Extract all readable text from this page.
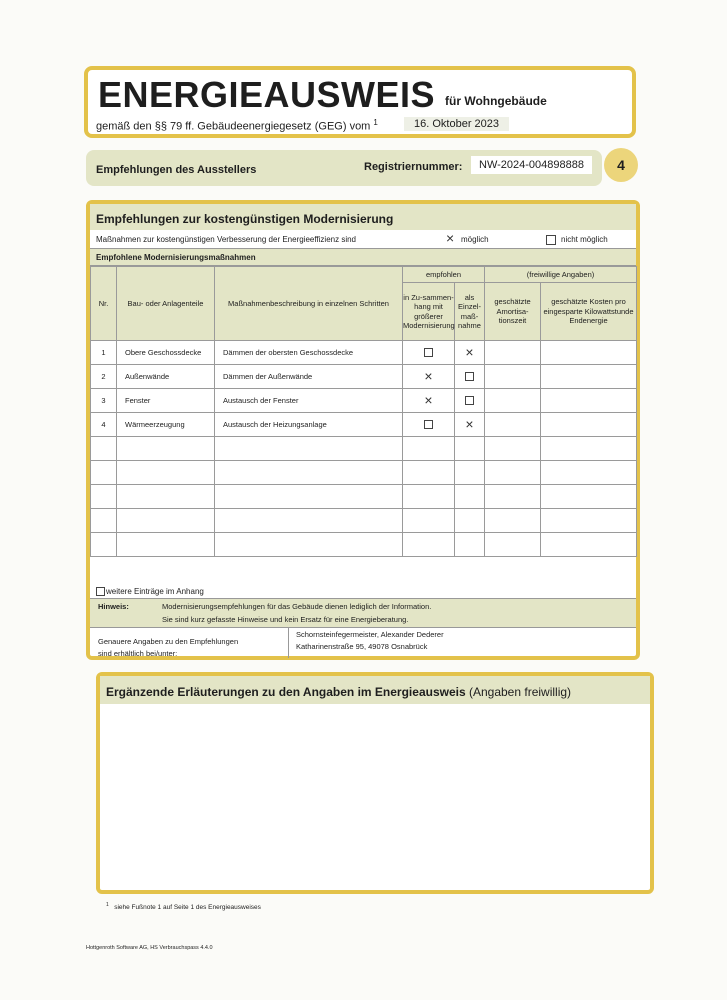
ENERGIEAUSWEIS für Wohngebäude
gemäß den §§ 79 ff. Gebäudeenergiegesetz (GEG) vom $^1$	16. Oktober 2023
Empfehlungen des Ausstellers	Registriernummer:	NW-2024-004898888	4
Empfehlungen zur kostengünstigen Modernisierung
Maßnahmen zur kostengünstigen Verbesserung der Energieeffizienz sind	× möglich	nicht möglich
Empfohlene Modernisierungsmaßnahmen
Nr.	Bau- oder Anlagenteile	Maßnahmenbeschreibung in einzelnen Schritten	empfohlen		(freiwillige Angaben)	
			in Zu-sammen-hang mit größerer Modernisierung	als Einzel-maß-nahme	geschätzte Amortisa-tionszeit	geschätzte Kosten pro eingesparte Kilowattstunde Endenergie
1	Obere Geschossdecke	Dämmen der obersten Geschossdecke		×		
2	Außenwände	Dämmen der Außenwände	×			
3	Fenster	Austausch der Fenster	×			
4	Wärmeerzeugung	Austausch der Heizungsanlage		×		

weitere Einträge im Anhang
Hinweis:	Modernisierungsempfehlungen für das Gebäude dienen lediglich der Information.
Sie sind kurz gefasste Hinweise und kein Ersatz für eine Energieberatung.
Genauere Angaben zu den Empfehlungen
sind erhältlich bei/unter:
Schornsteinfegermeister, Alexander Dederer
Katharinenstraße 95, 49078 Osnabrück
Ergänzende Erläuterungen zu den Angaben im Energieausweis (Angaben freiwillig)
$^1$ siehe Fußnote 1 auf Seite 1 des Energieausweises
Hottgenroth Software AG, HS Verbrauchspass 4.4.0
